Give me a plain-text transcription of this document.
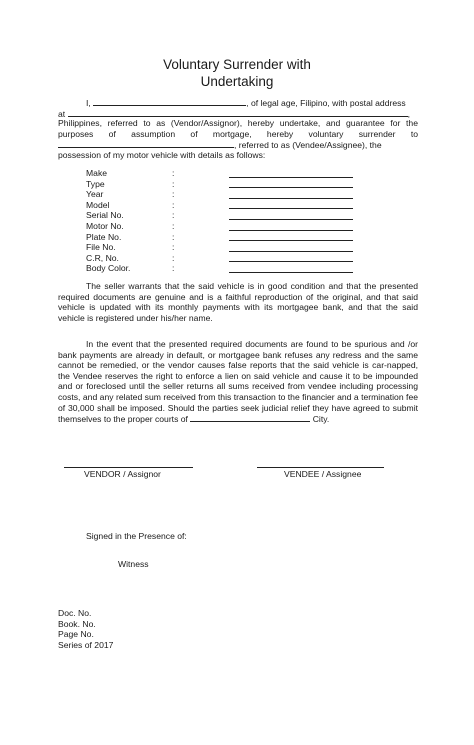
Voluntary Surrender with
Undertaking
I,	, of legal age, Filipino, with postal address
at	,
Philippines, referred to as (Vendor/Assignor), hereby undertake, and guarantee for the
purposes of assumption of mortgage, hereby voluntary surrender to
, referred to as (Vendee/Assignee), the
possession of my motor vehicle with details as follows:
Make	:
Type	:
Year	:
Model	:
Serial No.	:
Motor No.	:
Plate No.	:
File No.	:
C.R, No.	:
Body Color.	:
The seller warrants that the said vehicle is in good condition and that the presented required documents are genuine and is a faithful reproduction of the original, and that said vehicle is updated with its monthly payments with its mortgagee bank, and that the said vehicle is registered under his/her name.
In the event that the presented required documents are found to be spurious and /or bank payments are already in default, or mortgagee bank refuses any redress and the same cannot be remedied, or the vendor causes false reports that the said vehicle is car-napped, the Vendee reserves the right to enforce a lien on said vehicle and cause it to be impounded and or foreclosed until the seller returns all sums received from vendee including processing costs, and any related sum received from this transaction to the financier and a termination fee of 30,000 shall be imposed. Should the parties seek judicial relief they have agreed to submit themselves to the proper courts of	City.
VENDOR / Assignor	VENDEE / Assignee
Signed in the Presence of:
Witness
Doc. No.
Book. No.
Page No.
Series of 2017
